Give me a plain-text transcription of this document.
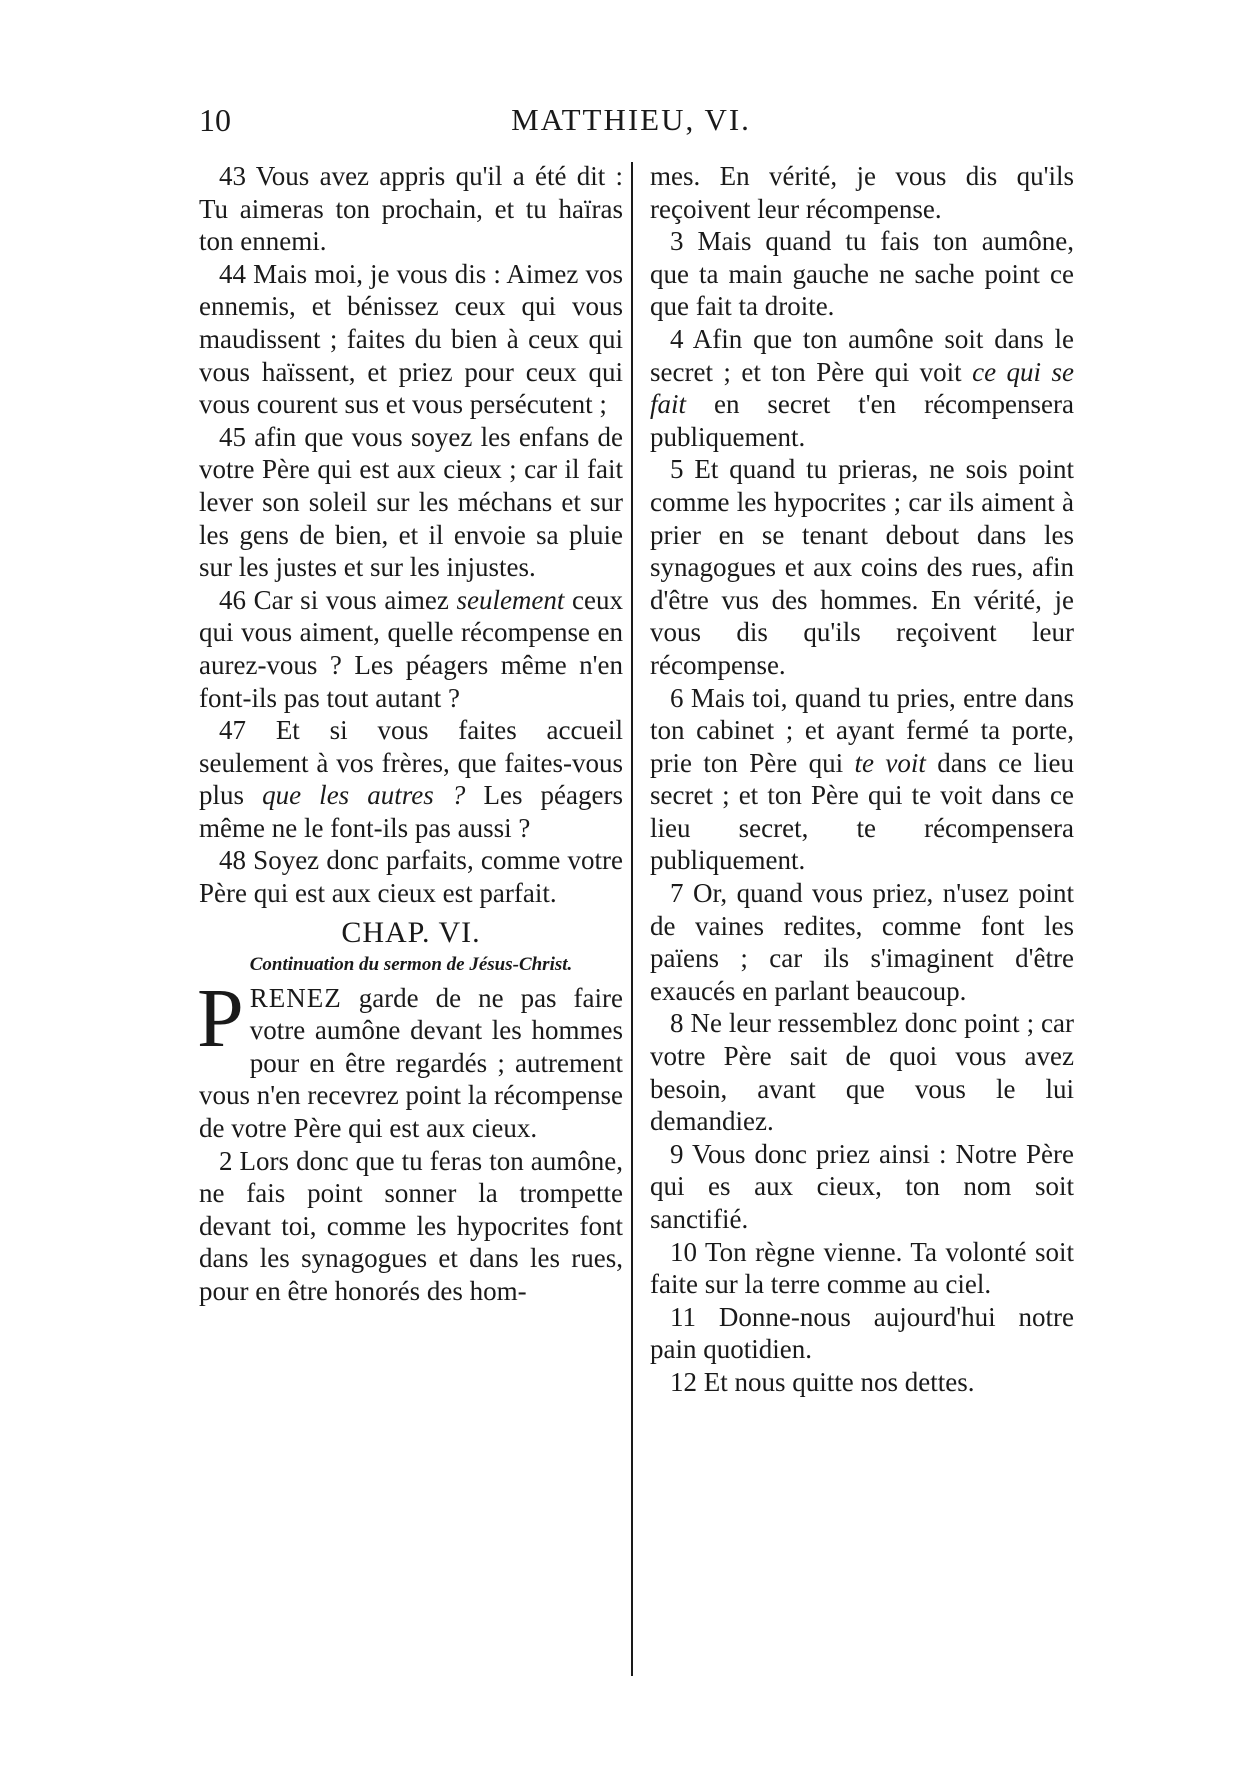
10	MATTHIEU, VI.

43 Vous avez appris qu'il a été dit : Tu aimeras ton prochain, et tu haïras ton ennemi.

44 Mais moi, je vous dis : Aimez vos ennemis, et bénissez ceux qui vous maudissent ; faites du bien à ceux qui vous haïssent, et priez pour ceux qui vous courent sus et vous persécutent ;

45 afin que vous soyez les enfans de votre Père qui est aux cieux ; car il fait lever son soleil sur les méchans et sur les gens de bien, et il envoie sa pluie sur les justes et sur les injustes.

46 Car si vous aimez seulement ceux qui vous aiment, quelle récompense en aurez-vous ? Les péagers même n'en font-ils pas tout autant ?

47 Et si vous faites accueil seulement à vos frères, que faites-vous plus que les autres ? Les péagers même ne le font-ils pas aussi ?

48 Soyez donc parfaits, comme votre Père qui est aux cieux est parfait.

CHAP. VI.
Continuation du sermon de Jésus-Christ.

PRENEZ garde de ne pas faire votre aumône devant les hommes pour en être regardés ; autrement vous n'en recevrez point la récompense de votre Père qui est aux cieux.

2 Lors donc que tu feras ton aumône, ne fais point sonner la trompette devant toi, comme les hypocrites font dans les synagogues et dans les rues, pour en être honorés des hom-

mes. En vérité, je vous dis qu'ils reçoivent leur récompense.

3 Mais quand tu fais ton aumône, que ta main gauche ne sache point ce que fait ta droite.

4 Afin que ton aumône soit dans le secret ; et ton Père qui voit ce qui se fait en secret t'en récompensera publiquement.

5 Et quand tu prieras, ne sois point comme les hypocrites ; car ils aiment à prier en se tenant debout dans les synagogues et aux coins des rues, afin d'être vus des hommes. En vérité, je vous dis qu'ils reçoivent leur récompense.

6 Mais toi, quand tu pries, entre dans ton cabinet ; et ayant fermé ta porte, prie ton Père qui te voit dans ce lieu secret ; et ton Père qui te voit dans ce lieu secret, te récompensera publiquement.

7 Or, quand vous priez, n'usez point de vaines redites, comme font les païens ; car ils s'imaginent d'être exaucés en parlant beaucoup.

8 Ne leur ressemblez donc point ; car votre Père sait de quoi vous avez besoin, avant que vous le lui demandiez.

9 Vous donc priez ainsi : Notre Père qui es aux cieux, ton nom soit sanctifié.

10 Ton règne vienne. Ta volonté soit faite sur la terre comme au ciel.

11 Donne-nous aujourd'hui notre pain quotidien.

12 Et nous quitte nos dettes.
